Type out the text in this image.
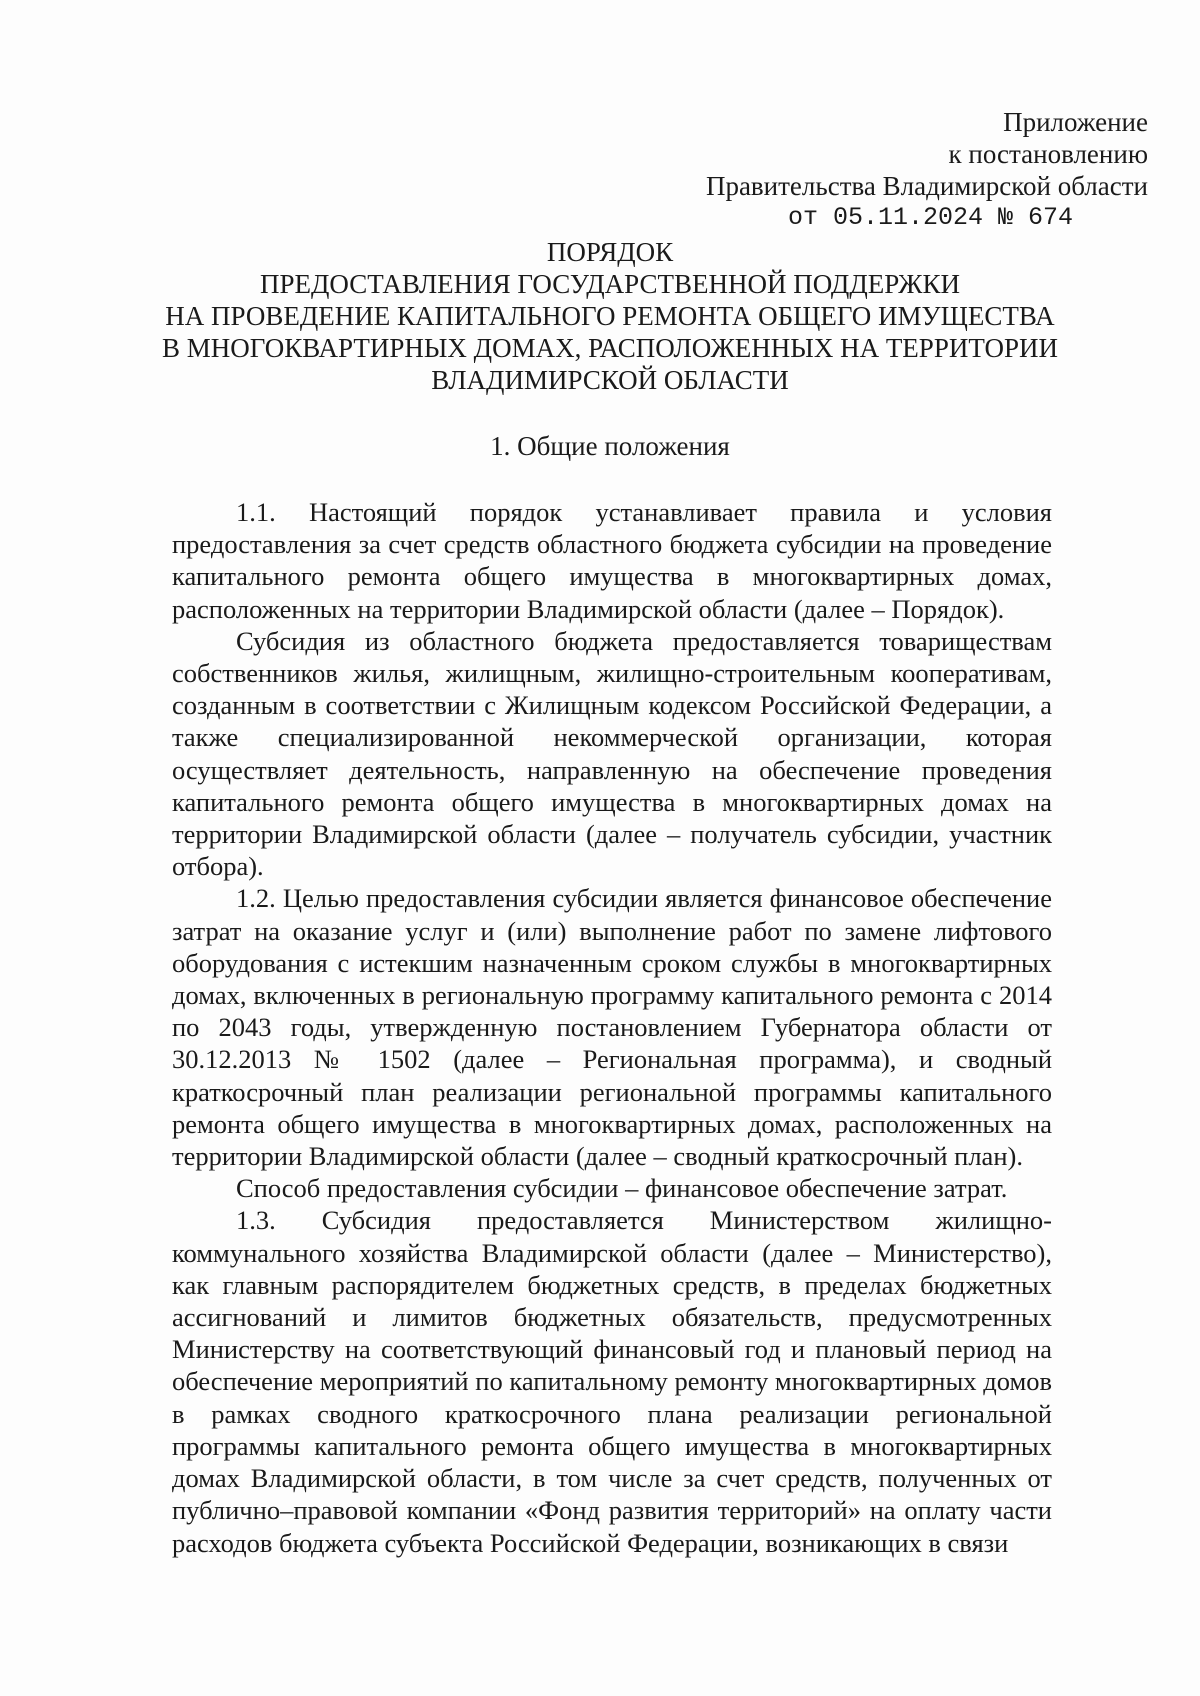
Приложение
к постановлению
Правительства Владимирской области
от 05.11.2024 № 674
ПОРЯДОК
ПРЕДОСТАВЛЕНИЯ ГОСУДАРСТВЕННОЙ ПОДДЕРЖКИ
НА ПРОВЕДЕНИЕ КАПИТАЛЬНОГО РЕМОНТА ОБЩЕГО ИМУЩЕСТВА
В МНОГОКВАРТИРНЫХ ДОМАХ, РАСПОЛОЖЕННЫХ НА ТЕРРИТОРИИ
ВЛАДИМИРСКОЙ ОБЛАСТИ
1. Общие положения

1.1. Настоящий порядок устанавливает правила и условия предоставления за счет средств областного бюджета субсидии на проведение капитального ремонта общего имущества в многоквартирных домах, расположенных на территории Владимирской области (далее – Порядок).

Субсидия из областного бюджета предоставляется товариществам собственников жилья, жилищным, жилищно-строительным кооперативам, созданным в соответствии с Жилищным кодексом Российской Федерации, а также специализированной некоммерческой организации, которая осуществляет деятельность, направленную на обеспечение проведения капитального ремонта общего имущества в многоквартирных домах на территории Владимирской области (далее – получатель субсидии, участник отбора).

1.2. Целью предоставления субсидии является финансовое обеспечение затрат на оказание услуг и (или) выполнение работ по замене лифтового оборудования с истекшим назначенным сроком службы в многоквартирных домах, включенных в региональную программу капитального ремонта с 2014 по 2043 годы, утвержденную постановлением Губернатора области от 30.12.2013 № 1502 (далее – Региональная программа), и сводный краткосрочный план реализации региональной программы капитального ремонта общего имущества в многоквартирных домах, расположенных на территории Владимирской области (далее – сводный краткосрочный план).

Способ предоставления субсидии – финансовое обеспечение затрат.

1.3. Субсидия предоставляется Министерством жилищно-коммунального хозяйства Владимирской области (далее – Министерство), как главным распорядителем бюджетных средств, в пределах бюджетных ассигнований и лимитов бюджетных обязательств, предусмотренных Министерству на соответствующий финансовый год и плановый период на обеспечение мероприятий по капитальному ремонту многоквартирных домов в рамках сводного краткосрочного плана реализации региональной программы капитального ремонта общего имущества в многоквартирных домах Владимирской области, в том числе за счет средств, полученных от публично–правовой компании «Фонд развития территорий» на оплату части расходов бюджета субъекта Российской Федерации, возникающих в связи
